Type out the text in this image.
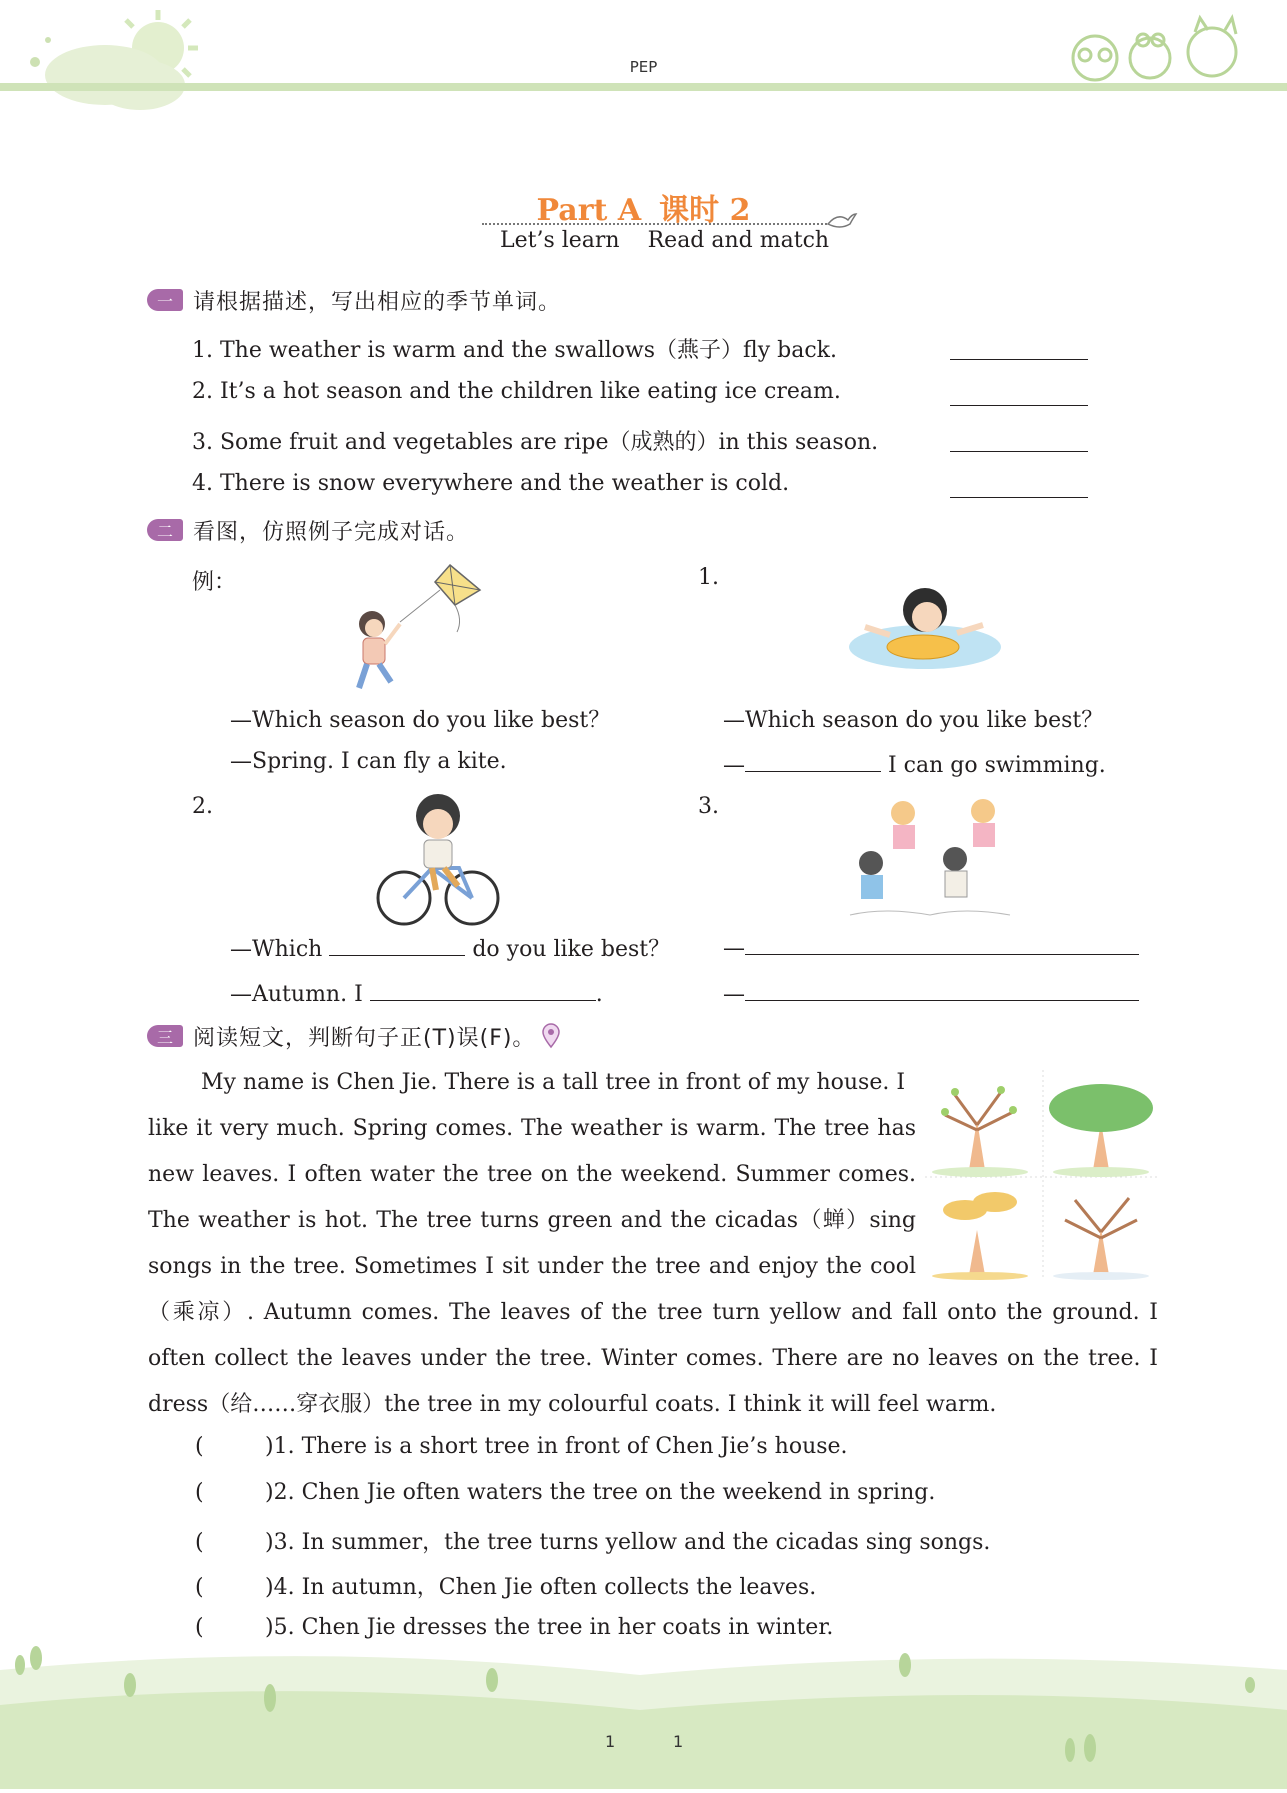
PEP
Part A 课时 2
Let’s learn Read and match
一 请根据描述，写出相应的季节单词。
1. The weather is warm and the swallows（燕子）fly back.
2. It’s a hot season and the children like eating ice cream.
3. Some fruit and vegetables are ripe（成熟的）in this season.
4. There is snow everywhere and the weather is cold.
二 看图，仿照例子完成对话。
例：
—Which season do you like best？
—Spring. I can fly a kite.
1.
—Which season do you like best？
—	I can go swimming.
2.
—Which	do you like best？
—Autumn. I	.
3.
—
—
三 阅读短文，判断句子正(T)误(F)。

My name is Chen Jie. There is a tall tree in front of my house. I

like it very much. Spring comes. The weather is warm. The tree has

new leaves. I often water the tree on the weekend. Summer comes.

The weather is hot. The tree turns green and the cicadas（蝉）sing

songs in the tree. Sometimes I sit under the tree and enjoy the cool

（乘凉）. Autumn comes. The leaves of the tree turn yellow and fall onto the ground. I

often collect the leaves under the tree. Winter comes. There are no leaves on the tree. I

dress（给……穿衣服）the tree in my colourful coats. I think it will feel warm.

(	)1. There is a short tree in front of Chen Jie’s house.
(	)2. Chen Jie often waters the tree on the weekend in spring.
(	)3. In summer，the tree turns yellow and the cicadas sing songs.
(	)4. In autumn，Chen Jie often collects the leaves.
(	)5. Chen Jie dresses the tree in her coats in winter.
1	1
